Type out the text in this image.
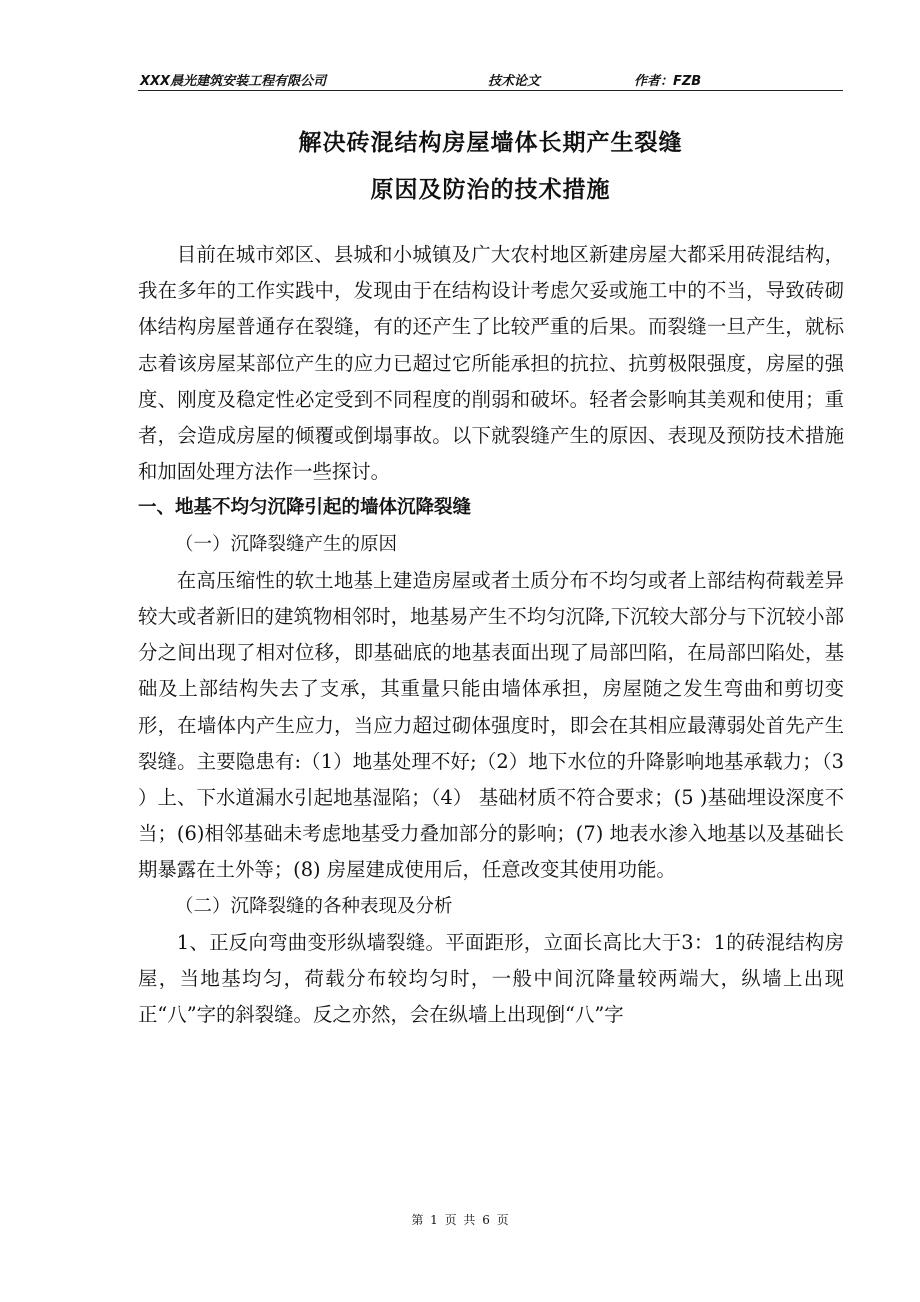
XXX晨光建筑安装工程有限公司	技术论文	作者：FZB
解决砖混结构房屋墙体长期产生裂缝
原因及防治的技术措施

目前在城市郊区、县城和小城镇及广大农村地区新建房屋大都采用砖混结构，我在多年的工作实践中，发现由于在结构设计考虑欠妥或施工中的不当，导致砖砌体结构房屋普通存在裂缝，有的还产生了比较严重的后果。而裂缝一旦产生，就标志着该房屋某部位产生的应力已超过它所能承担的抗拉、抗剪极限强度，房屋的强度、刚度及稳定性必定受到不同程度的削弱和破坏。轻者会影响其美观和使用；重者，会造成房屋的倾覆或倒塌事故。以下就裂缝产生的原因、表现及预防技术措施和加固处理方法作一些探讨。

一、地基不均匀沉降引起的墙体沉降裂缝

（一）沉降裂缝产生的原因

在高压缩性的软土地基上建造房屋或者土质分布不均匀或者上部结构荷载差异较大或者新旧的建筑物相邻时，地基易产生不均匀沉降,下沉较大部分与下沉较小部分之间出现了相对位移，即基础底的地基表面出现了局部凹陷，在局部凹陷处，基础及上部结构失去了支承，其重量只能由墙体承担，房屋随之发生弯曲和剪切变形，在墙体内产生应力，当应力超过砌体强度时，即会在其相应最薄弱处首先产生裂缝。主要隐患有:（1）地基处理不好;（2）地下水位的升降影响地基承载力；（3 ）上、下水道漏水引起地基湿陷；（4） 基础材质不符合要求；(5 )基础埋设深度不当；(6)相邻基础未考虑地基受力叠加部分的影响；(7) 地表水渗入地基以及基础长期暴露在土外等；(8) 房屋建成使用后，任意改变其使用功能。

（二）沉降裂缝的各种表现及分析

1、正反向弯曲变形纵墙裂缝。平面距形，立面长高比大于3：1的砖混结构房屋，当地基均匀，荷载分布较均匀时，一般中间沉降量较两端大，纵墙上出现正“八”字的斜裂缝。反之亦然，会在纵墙上出现倒“八”字

第 1 页 共 6 页
